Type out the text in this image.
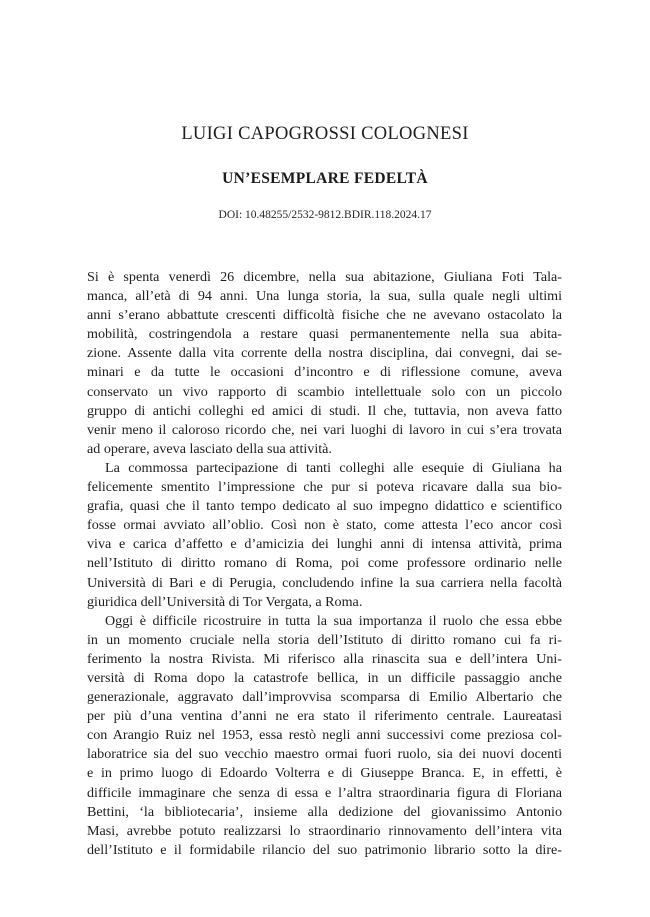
LUIGI CAPOGROSSI COLOGNESI
UN’ESEMPLARE FEDELTÀ
DOI: 10.48255/2532-9812.BDIR.118.2024.17
Si è spenta venerdì 26 dicembre, nella sua abitazione, Giuliana Foti Tala-
manca, all’età di 94 anni. Una lunga storia, la sua, sulla quale negli ultimi
anni s’erano abbattute crescenti difficoltà fisiche che ne avevano ostacolato la
mobilità, costringendola a restare quasi permanentemente nella sua abita-
zione. Assente dalla vita corrente della nostra disciplina, dai convegni, dai se-
minari e da tutte le occasioni d’incontro e di riflessione comune, aveva
conservato un vivo rapporto di scambio intellettuale solo con un piccolo
gruppo di antichi colleghi ed amici di studi. Il che, tuttavia, non aveva fatto
venir meno il caloroso ricordo che, nei vari luoghi di lavoro in cui s’era trovata
ad operare, aveva lasciato della sua attività.
La commossa partecipazione di tanti colleghi alle esequie di Giuliana ha
felicemente smentito l’impressione che pur si poteva ricavare dalla sua bio-
grafia, quasi che il tanto tempo dedicato al suo impegno didattico e scientifico
fosse ormai avviato all’oblio. Così non è stato, come attesta l’eco ancor così
viva e carica d’affetto e d’amicizia dei lunghi anni di intensa attività, prima
nell’Istituto di diritto romano di Roma, poi come professore ordinario nelle
Università di Bari e di Perugia, concludendo infine la sua carriera nella facoltà
giuridica dell’Università di Tor Vergata, a Roma.
Oggi è difficile ricostruire in tutta la sua importanza il ruolo che essa ebbe
in un momento cruciale nella storia dell’Istituto di diritto romano cui fa ri-
ferimento la nostra Rivista. Mi riferisco alla rinascita sua e dell’intera Uni-
versità di Roma dopo la catastrofe bellica, in un difficile passaggio anche
generazionale, aggravato dall’improvvisa scomparsa di Emilio Albertario che
per più d’una ventina d’anni ne era stato il riferimento centrale. Laureatasi
con Arangio Ruiz nel 1953, essa restò negli anni successivi come preziosa col-
laboratrice sia del suo vecchio maestro ormai fuori ruolo, sia dei nuovi docenti
e in primo luogo di Edoardo Volterra e di Giuseppe Branca. E, in effetti, è
difficile immaginare che senza di essa e l’altra straordinaria figura di Floriana
Bettini, ‘la bibliotecaria’, insieme alla dedizione del giovanissimo Antonio
Masi, avrebbe potuto realizzarsi lo straordinario rinnovamento dell’intera vita
dell’Istituto e il formidabile rilancio del suo patrimonio librario sotto la dire-
